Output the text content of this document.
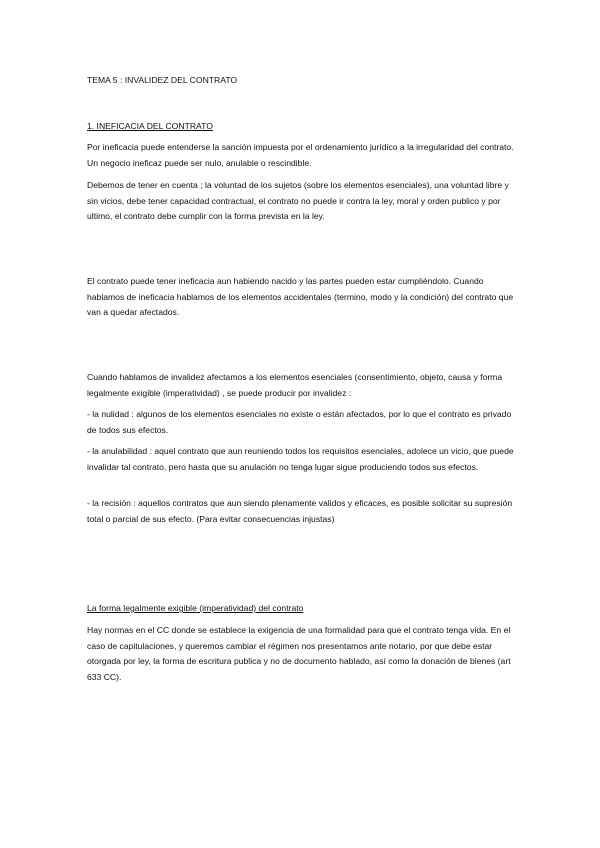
TEMA 5 : INVALIDEZ DEL CONTRATO

1. INEFICACIA DEL CONTRATO

Por ineficacia puede entenderse la sanción impuesta por el ordenamiento jurídico a la irregularidad del contrato. Un negocio ineficaz puede ser nulo, anulable o rescindible.

Debemos de tener en cuenta ; la voluntad de los sujetos (sobre los elementos esenciales), una voluntad libre y sin vicios, debe tener capacidad contractual, el contrato no puede ir contra la ley, moral y orden publico y por ultimo, el contrato debe cumplir con la forma prevista en la ley.

El contrato puede tener ineficacia aun habiendo nacido y las partes pueden estar cumpliéndolo. Cuando hablamos de ineficacia hablamos de los elementos accidentales (termino, modo y la condición) del contrato que van a quedar afectados.

Cuando hablamos de invalidez afectamos a los elementos esenciales (consentimiento, objeto, causa y forma legalmente exigible (imperatividad) , se puede producir por invalidez :

- la nulidad : algunos de los elementos esenciales no existe o están afectados, por lo que el contrato es privado de todos sus efectos.

- la anulabilidad : aquel contrato que aun reuniendo todos los requisitos esenciales, adolece un vicio, que puede invalidar tal contrato, pero hasta que su anulación no tenga lugar sigue produciendo todos sus efectos.

- la recisión : aquellos contratos que aun siendo plenamente validos y eficaces, es posible solicitar su supresión total o parcial de sus efecto. (Para evitar consecuencias injustas)

La forma legalmente exigible (imperatividad) del contrato

Hay normas en el CC donde se establece la exigencia de una formalidad para que el contrato tenga vida. En el caso de capitulaciones, y queremos cambiar el régimen nos presentamos ante notario, por que debe estar otorgada por ley, la forma de escritura publica y no de documento hablado, así como la donación de bienes (art 633 CC).
